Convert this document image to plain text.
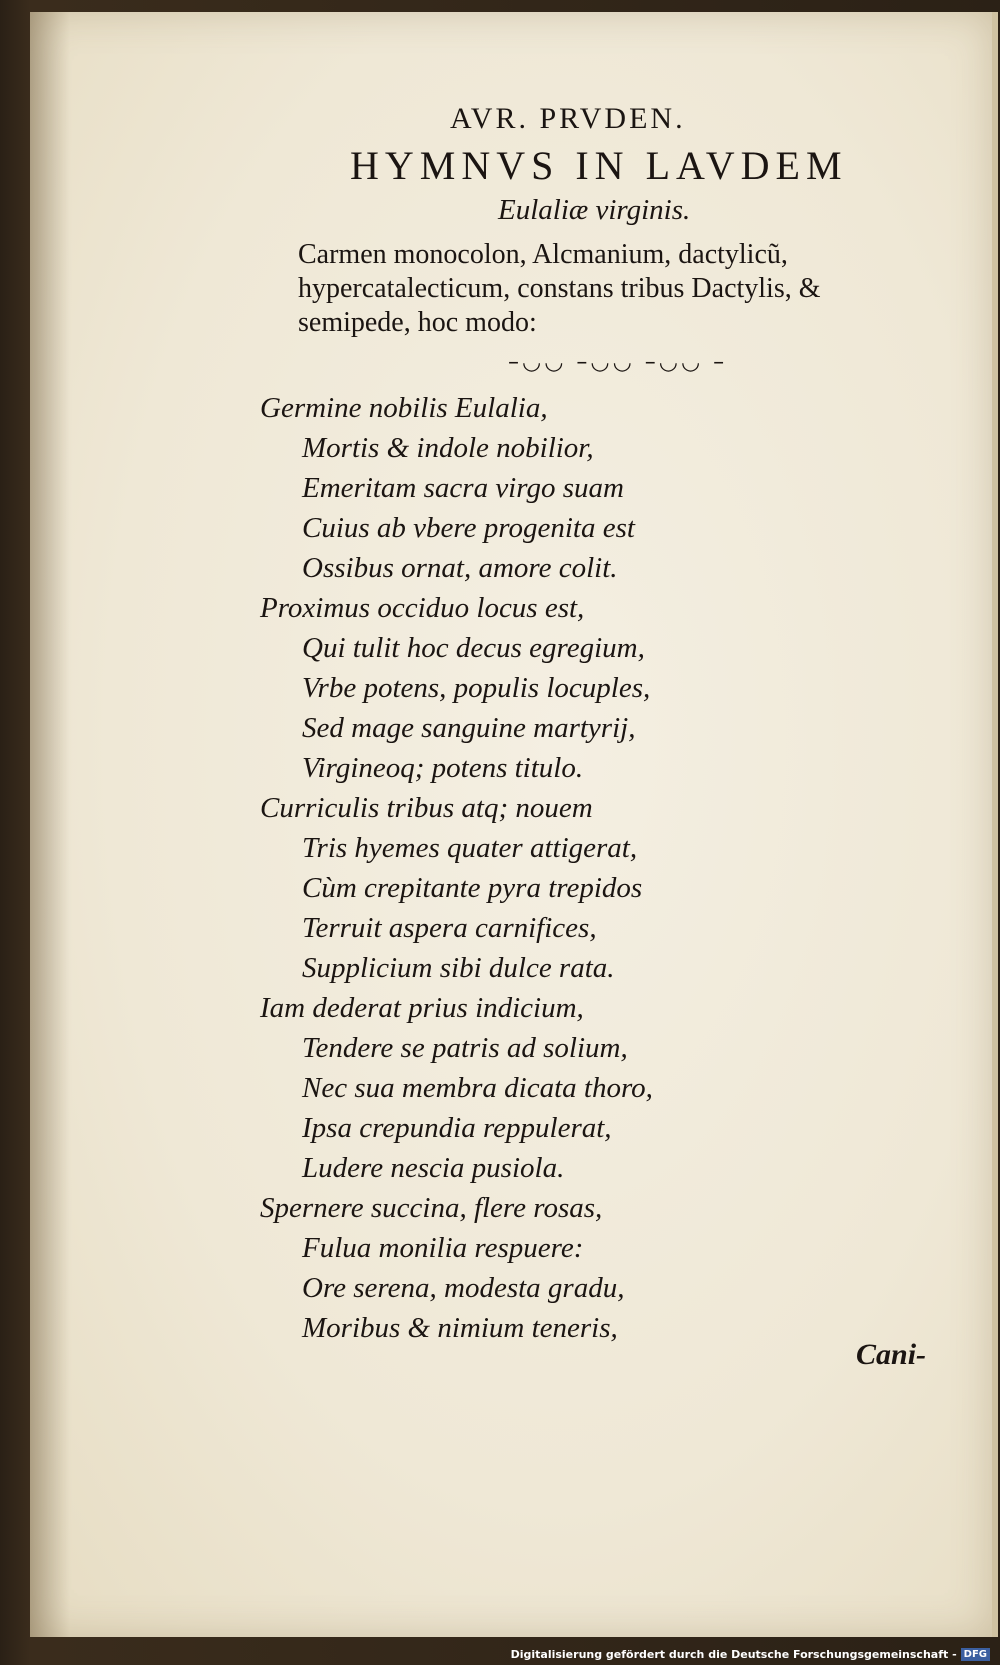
AVR. PRVDEN.
HYMNVS IN LAVDEM
Eulaliæ virginis.

Carmen monocolon, Alcmanium, dactylicũ, hypercatalecticum, constans tribus Dactylis, & semipede, hoc modo:

–◡◡ –◡◡ –◡◡ –
Germine nobilis Eulalia,
Mortis & indole nobilior,
Emeritam sacra virgo suam
Cuius ab vbere progenita est
Ossibus ornat, amore colit.
Proximus occiduo locus est,
Qui tulit hoc decus egregium,
Vrbe potens, populis locuples,
Sed mage sanguine martyrij,
Virgineoq; potens titulo.
Curriculis tribus atq; nouem
Tris hyemes quater attigerat,
Cùm crepitante pyra trepidos
Terruit aspera carnifices,
Supplicium sibi dulce rata.
Iam dederat prius indicium,
Tendere se patris ad solium,
Nec sua membra dicata thoro,
Ipsa crepundia reppulerat,
Ludere nescia pusiola.
Spernere succina, flere rosas,
Fulua monilia respuere:
Ore serena, modesta gradu,
Moribus & nimium teneris,
Cani-
Digitalisierung gefördert durch die Deutsche Forschungsgemeinschaft - DFG
